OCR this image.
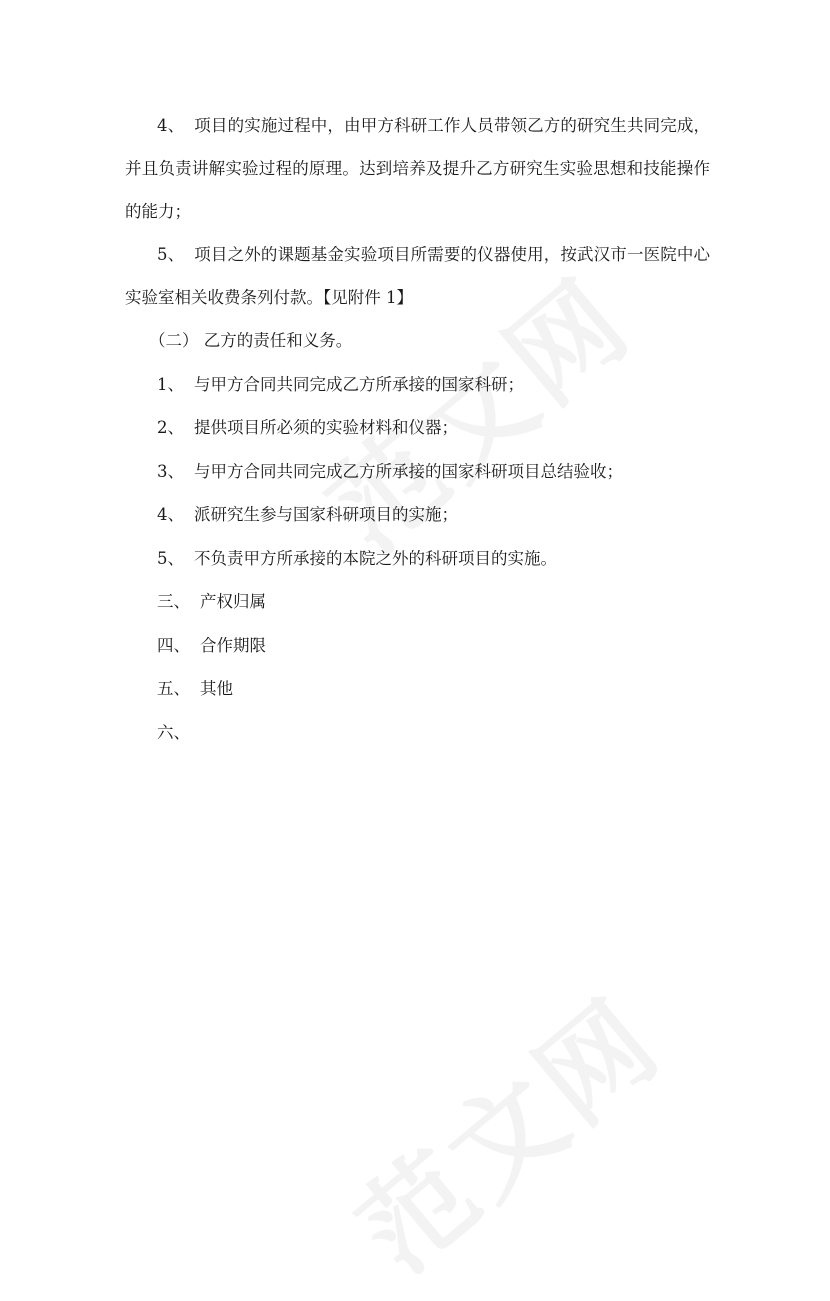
4、 项目的实施过程中，由甲方科研工作人员带领乙方的研究生共同完成，并且负责讲解实验过程的原理。达到培养及提升乙方研究生实验思想和技能操作的能力；

5、 项目之外的课题基金实验项目所需要的仪器使用，按武汉市一医院中心实验室相关收费条列付款。【见附件 1】

（二） 乙方的责任和义务。
1、 与甲方合同共同完成乙方所承接的国家科研；
2、 提供项目所必须的实验材料和仪器；
3、 与甲方合同共同完成乙方所承接的国家科研项目总结验收；
4、 派研究生参与国家科研项目的实施；
5、 不负责甲方所承接的本院之外的科研项目的实施。
三、 产权归属
四、 合作期限
五、 其他
六、
